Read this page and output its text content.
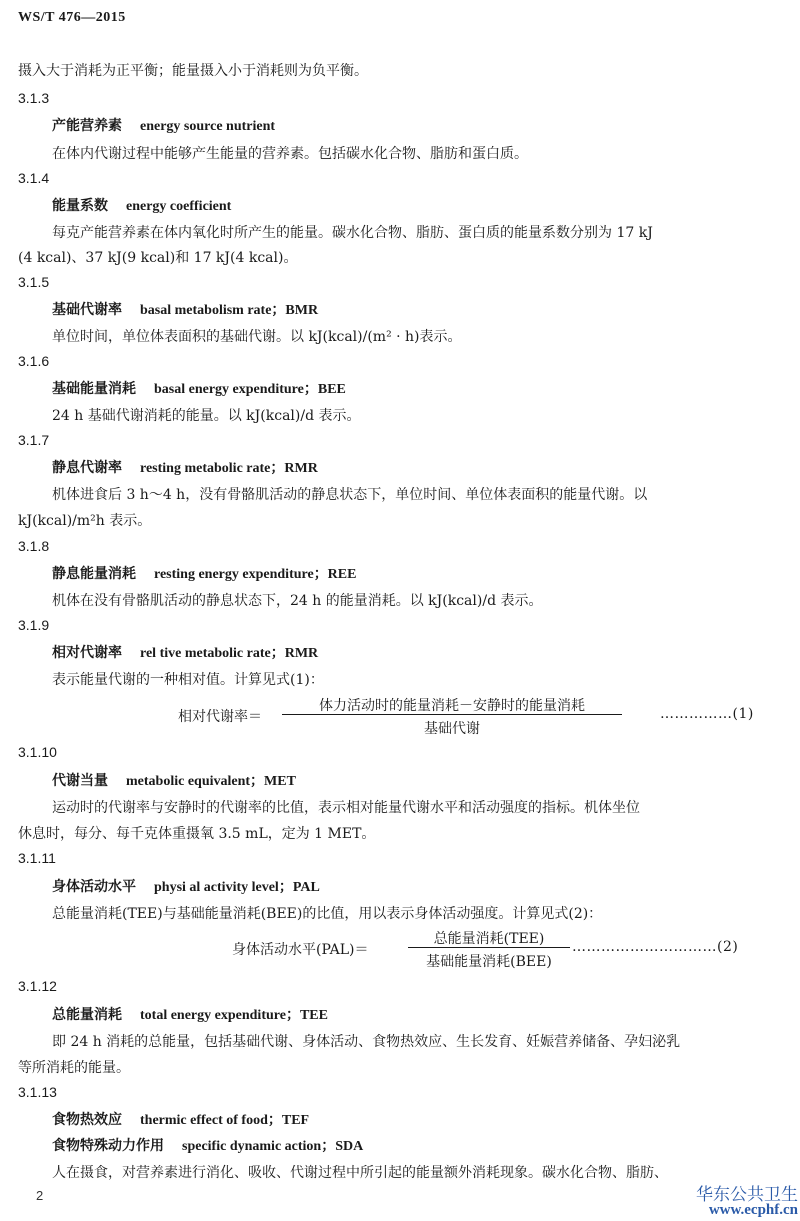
WS/T 476—2015
摄入大于消耗为正平衡；能量摄入小于消耗则为负平衡。
3.1.3
产能营养素 energy source nutrient
在体内代谢过程中能够产生能量的营养素。包括碳水化合物、脂肪和蛋白质。
3.1.4
能量系数 energy coefficient
每克产能营养素在体内氧化时所产生的能量。碳水化合物、脂肪、蛋白质的能量系数分别为 17 kJ
(4 kcal)、37 kJ(9 kcal)和 17 kJ(4 kcal)。
3.1.5
基础代谢率 basal metabolism rate；BMR
单位时间，单位体表面积的基础代谢。以 kJ(kcal)/(m² · h)表示。
3.1.6
基础能量消耗 basal energy expenditure；BEE
24 h 基础代谢消耗的能量。以 kJ(kcal)/d 表示。
3.1.7
静息代谢率 resting metabolic rate；RMR
机体进食后 3 h～4 h，没有骨骼肌活动的静息状态下，单位时间、单位体表面积的能量代谢。以
kJ(kcal)/m²h 表示。
3.1.8
静息能量消耗 resting energy expenditure；REE
机体在没有骨骼肌活动的静息状态下，24 h 的能量消耗。以 kJ(kcal)/d 表示。
3.1.9
相对代谢率 rel tive metabolic rate；RMR
表示能量代谢的一种相对值。计算见式(1)：
相对代谢率＝
体力活动时的能量消耗－安静时的能量消耗
基础代谢
……………(1)
3.1.10
代谢当量 metabolic equivalent；MET
运动时的代谢率与安静时的代谢率的比值，表示相对能量代谢水平和活动强度的指标。机体坐位
休息时，每分、每千克体重摄氧 3.5 mL，定为 1 MET。
3.1.11
身体活动水平 physi al activity level；PAL
总能量消耗(TEE)与基础能量消耗(BEE)的比值，用以表示身体活动强度。计算见式(2)：
身体活动水平(PAL)＝
总能量消耗(TEE)
基础能量消耗(BEE)
…………………………(2)
3.1.12
总能量消耗 total energy expenditure；TEE
即 24 h 消耗的总能量，包括基础代谢、身体活动、食物热效应、生长发育、妊娠营养储备、孕妇泌乳
等所消耗的能量。
3.1.13
食物热效应 thermic effect of food；TEF
食物特殊动力作用 specific dynamic action；SDA
人在摄食，对营养素进行消化、吸收、代谢过程中所引起的能量额外消耗现象。碳水化合物、脂肪、
2	华东公共卫生
www.ecphf.cn
